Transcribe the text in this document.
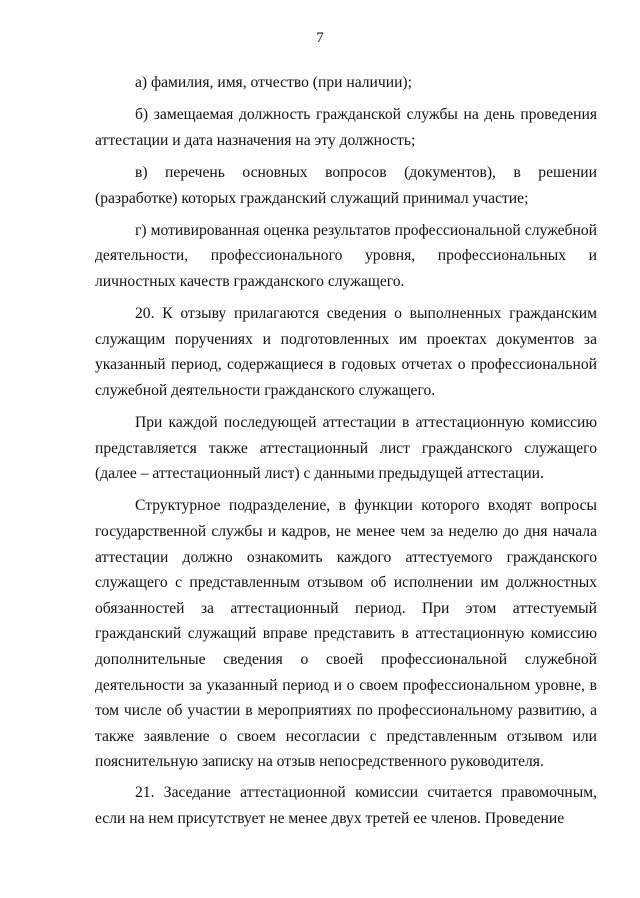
7

а) фамилия, имя, отчество (при наличии);

б) замещаемая должность гражданской службы на день проведения аттестации и дата назначения на эту должность;

в) перечень основных вопросов (документов), в решении (разработке) которых гражданский служащий принимал участие;

г) мотивированная оценка результатов профессиональной служебной деятельности, профессионального уровня, профессиональных и личностных качеств гражданского служащего.

20. К отзыву прилагаются сведения о выполненных гражданским служащим поручениях и подготовленных им проектах документов за указанный период, содержащиеся в годовых отчетах о профессиональной служебной деятельности гражданского служащего.

При каждой последующей аттестации в аттестационную комиссию представляется также аттестационный лист гражданского служащего (далее – аттестационный лист) с данными предыдущей аттестации.

Структурное подразделение, в функции которого входят вопросы государственной службы и кадров, не менее чем за неделю до дня начала аттестации должно ознакомить каждого аттестуемого гражданского служащего с представленным отзывом об исполнении им должностных обязанностей за аттестационный период. При этом аттестуемый гражданский служащий вправе представить в аттестационную комиссию дополнительные сведения о своей профессиональной служебной деятельности за указанный период и о своем профессиональном уровне, в том числе об участии в мероприятиях по профессиональному развитию, а также заявление о своем несогласии с представленным отзывом или пояснительную записку на отзыв непосредственного руководителя.

21. Заседание аттестационной комиссии считается правомочным, если на нем присутствует не менее двух третей ее членов. Проведение
